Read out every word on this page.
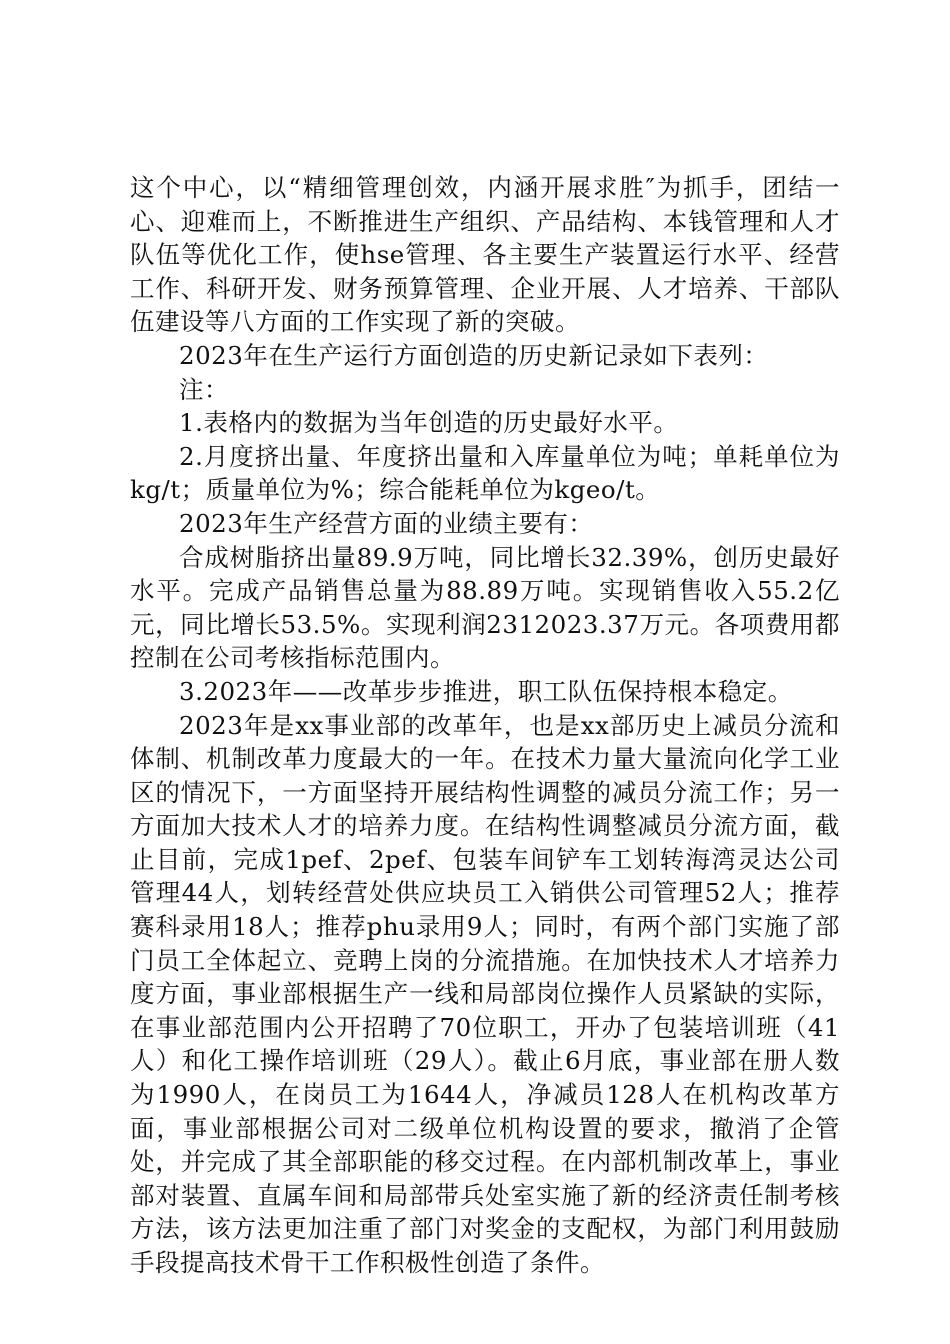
这个中心，以“精细管理创效，内涵开展求胜″为抓手，团结一心、迎难而上，不断推进生产组织、产品结构、本钱管理和人才队伍等优化工作，使hse管理、各主要生产装置运行水平、经营工作、科研开发、财务预算管理、企业开展、人才培养、干部队伍建设等八方面的工作实现了新的突破。

2023年在生产运行方面创造的历史新记录如下表列：

注：

1.表格内的数据为当年创造的历史最好水平。

2.月度挤出量、年度挤出量和入库量单位为吨；单耗单位为kg/t；质量单位为%；综合能耗单位为kgeo/t。

2023年生产经营方面的业绩主要有：

合成树脂挤出量89.9万吨，同比增长32.39%，创历史最好水平。完成产品销售总量为88.89万吨。实现销售收入55.2亿元，同比增长53.5%。实现利润2312023.37万元。各项费用都控制在公司考核指标范围内。

3.2023年——改革步步推进，职工队伍保持根本稳定。

2023年是xx事业部的改革年，也是xx部历史上减员分流和体制、机制改革力度最大的一年。在技术力量大量流向化学工业区的情况下，一方面坚持开展结构性调整的减员分流工作；另一方面加大技术人才的培养力度。在结构性调整减员分流方面，截止目前，完成1pef、2pef、包装车间铲车工划转海湾灵达公司管理44人，划转经营处供应块员工入销供公司管理52人；推荐赛科录用18人；推荐phu录用9人；同时，有两个部门实施了部门员工全体起立、竞聘上岗的分流措施。在加快技术人才培养力度方面，事业部根据生产一线和局部岗位操作人员紧缺的实际，在事业部范围内公开招聘了70位职工，开办了包装培训班（41人）和化工操作培训班（29人）。截止6月底，事业部在册人数为1990人，在岗员工为1644人，净减员128人在机构改革方面，事业部根据公司对二级单位机构设置的要求，撤消了企管处，并完成了其全部职能的移交过程。在内部机制改革上，事业部对装置、直属车间和局部带兵处室实施了新的经济责任制考核方法，该方法更加注重了部门对奖金的支配权，为部门利用鼓励手段提高技术骨干工作积极性创造了条件。
